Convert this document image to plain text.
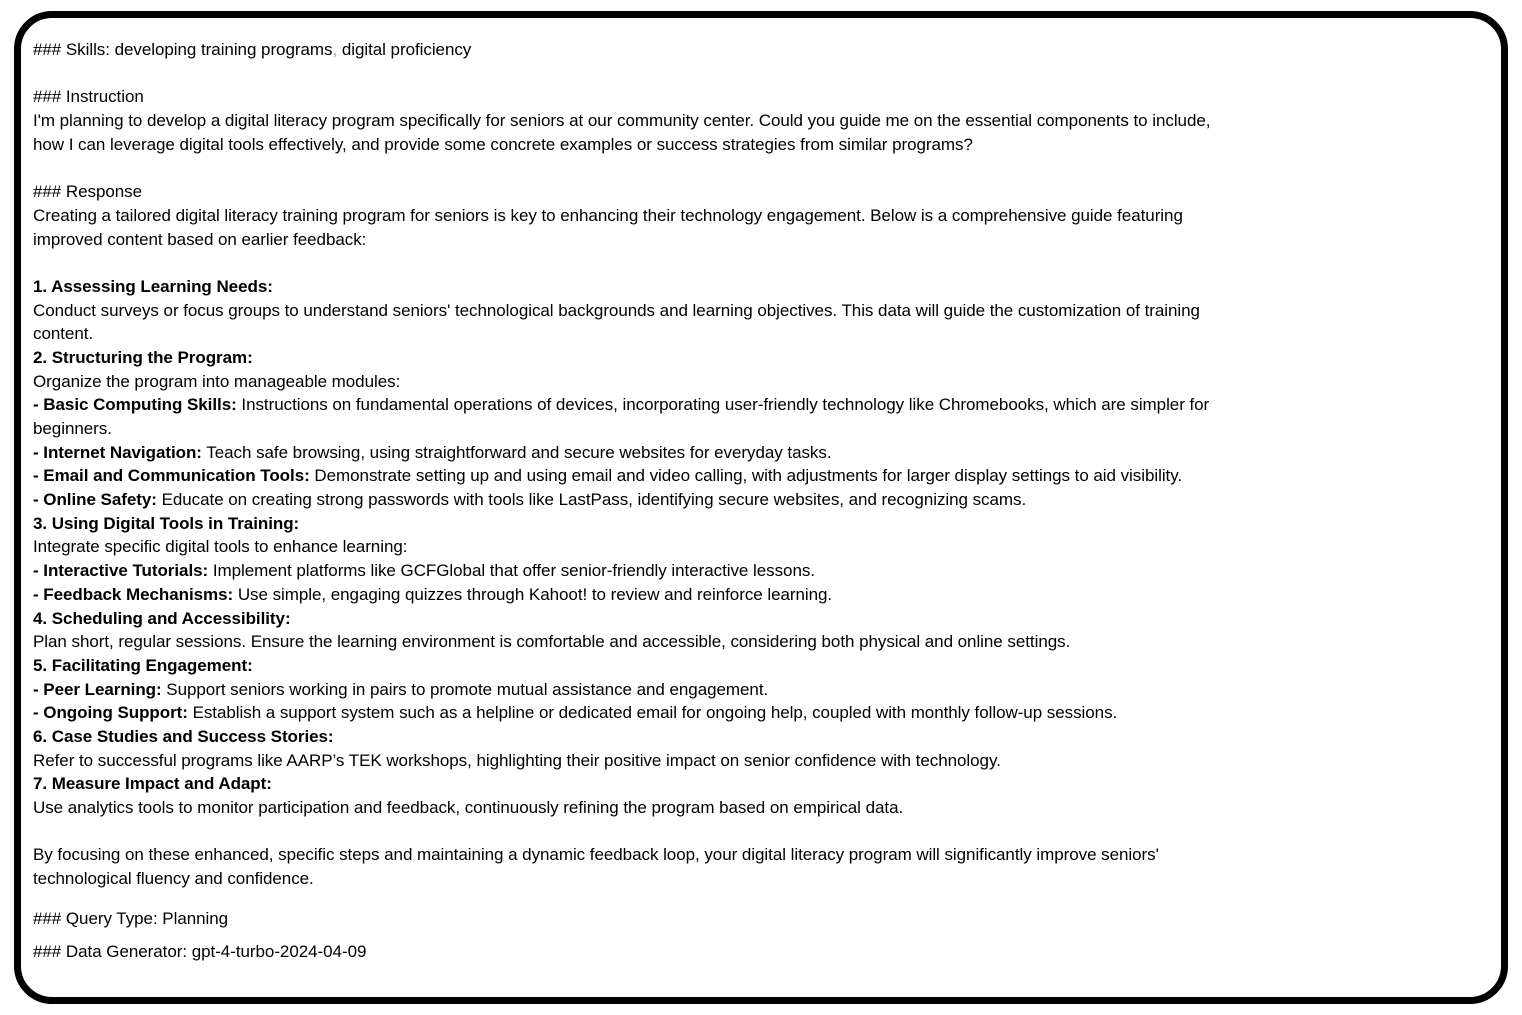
### Skills: developing training programs, digital proficiency
### Instruction
I'm planning to develop a digital literacy program specifically for seniors at our community center. Could you guide me on the essential components to include,
how I can leverage digital tools effectively, and provide some concrete examples or success strategies from similar programs?
### Response
Creating a tailored digital literacy training program for seniors is key to enhancing their technology engagement. Below is a comprehensive guide featuring
improved content based on earlier feedback:
1. Assessing Learning Needs:
Conduct surveys or focus groups to understand seniors' technological backgrounds and learning objectives. This data will guide the customization of training
content.
2. Structuring the Program:
Organize the program into manageable modules:
- Basic Computing Skills: Instructions on fundamental operations of devices, incorporating user-friendly technology like Chromebooks, which are simpler for
beginners.
- Internet Navigation: Teach safe browsing, using straightforward and secure websites for everyday tasks.
- Email and Communication Tools: Demonstrate setting up and using email and video calling, with adjustments for larger display settings to aid visibility.
- Online Safety: Educate on creating strong passwords with tools like LastPass, identifying secure websites, and recognizing scams.
3. Using Digital Tools in Training:
Integrate specific digital tools to enhance learning:
- Interactive Tutorials: Implement platforms like GCFGlobal that offer senior-friendly interactive lessons.
- Feedback Mechanisms: Use simple, engaging quizzes through Kahoot! to review and reinforce learning.
4. Scheduling and Accessibility:
Plan short, regular sessions. Ensure the learning environment is comfortable and accessible, considering both physical and online settings.
5. Facilitating Engagement:
- Peer Learning: Support seniors working in pairs to promote mutual assistance and engagement.
- Ongoing Support: Establish a support system such as a helpline or dedicated email for ongoing help, coupled with monthly follow-up sessions.
6. Case Studies and Success Stories:
Refer to successful programs like AARP’s TEK workshops, highlighting their positive impact on senior confidence with technology.
7. Measure Impact and Adapt:
Use analytics tools to monitor participation and feedback, continuously refining the program based on empirical data.
By focusing on these enhanced, specific steps and maintaining a dynamic feedback loop, your digital literacy program will significantly improve seniors'
technological fluency and confidence.
### Query Type: Planning
### Data Generator: gpt-4-turbo-2024-04-09
